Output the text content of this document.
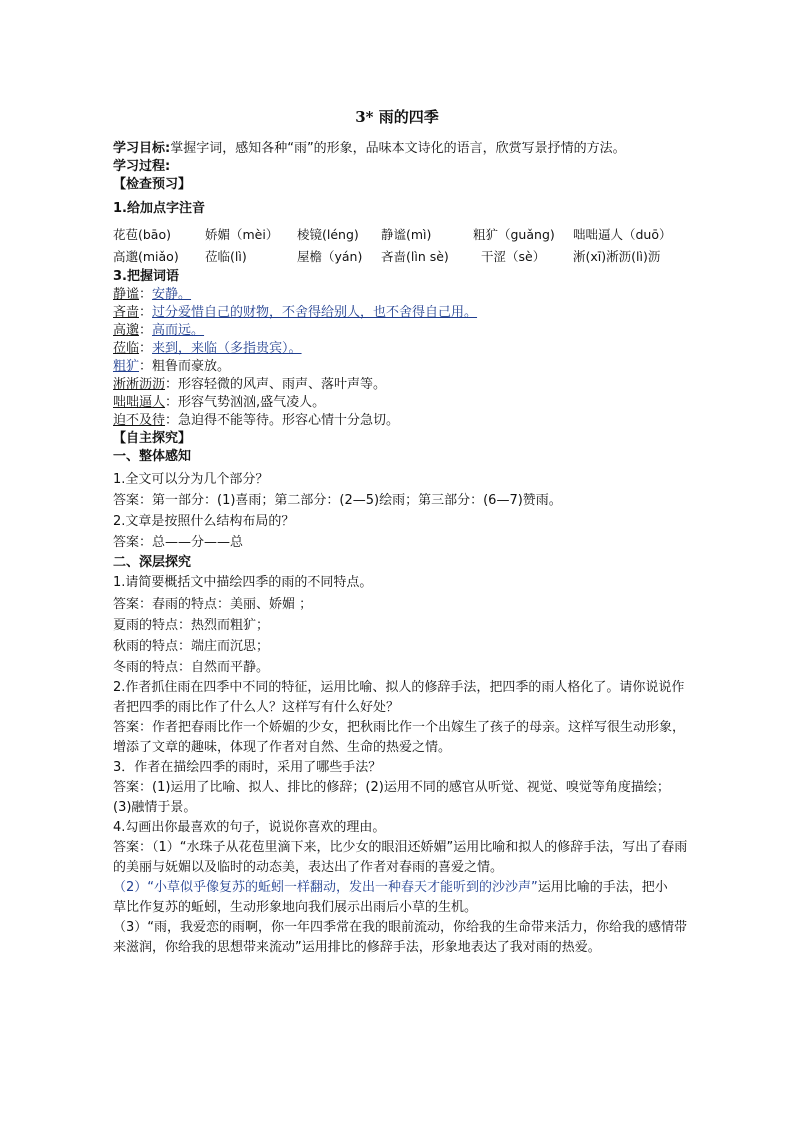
3* 雨的四季
学习目标:掌握字词，感知各种“雨”的形象，品味本文诗化的语言，欣赏写景抒情的方法。
学习过程:
【检查预习】
1.给加点字注音
花苞(bāo)	娇媚（mèi）	棱镜(léng)	静谧(mì)	粗犷（guǎng)	咄咄逼人（duō）
高邈(miǎo)	莅临(lì)	屋檐（yán)	吝啬(lìn sè)	干涩（sè）	淅(xī)淅沥(lì)沥
3.把握词语
静谧：安静。
吝啬：过分爱惜自己的财物，不舍得给别人，也不舍得自己用。
高邈：高而远。
莅临：来到，来临（多指贵宾）。
粗犷：粗鲁而豪放。
淅淅沥沥：形容轻微的风声、雨声、落叶声等。
咄咄逼人：形容气势汹汹,盛气凌人。
迫不及待：急迫得不能等待。形容心情十分急切。
【自主探究】
一、整体感知
1.全文可以分为几个部分？
答案：第一部分：(1)喜雨；第二部分：(2—5)绘雨；第三部分：(6—7)赞雨。
2.文章是按照什么结构布局的？
答案：总——分——总
二、深层探究
1.请简要概括文中描绘四季的雨的不同特点。
答案：春雨的特点：美丽、娇媚 ；
夏雨的特点：热烈而粗犷；
秋雨的特点：端庄而沉思；
冬雨的特点：自然而平静。
2.作者抓住雨在四季中不同的特征，运用比喻、拟人的修辞手法，把四季的雨人格化了。请你说说作者把四季的雨比作了什么人？这样写有什么好处？
答案：作者把春雨比作一个娇媚的少女，把秋雨比作一个出嫁生了孩子的母亲。这样写很生动形象，增添了文章的趣味，体现了作者对自然、生命的热爱之情。
3．作者在描绘四季的雨时，采用了哪些手法？
答案：(1)运用了比喻、拟人、排比的修辞；(2)运用不同的感官从听觉、视觉、嗅觉等角度描绘；(3)融情于景。
4.勾画出你最喜欢的句子，说说你喜欢的理由。
答案：（1）“水珠子从花苞里滴下来，比少女的眼泪还娇媚”运用比喻和拟人的修辞手法，写出了春雨的美丽与妩媚以及临时的动态美，表达出了作者对春雨的喜爱之情。
（2）“小草似乎像复苏的蚯蚓一样翻动，发出一种春天才能听到的沙沙声”运用比喻的手法，把小
草比作复苏的蚯蚓，生动形象地向我们展示出雨后小草的生机。
（3）“雨，我爱恋的雨啊，你一年四季常在我的眼前流动，你给我的生命带来活力，你给我的感情带来滋润，你给我的思想带来流动”运用排比的修辞手法，形象地表达了我对雨的热爱。
